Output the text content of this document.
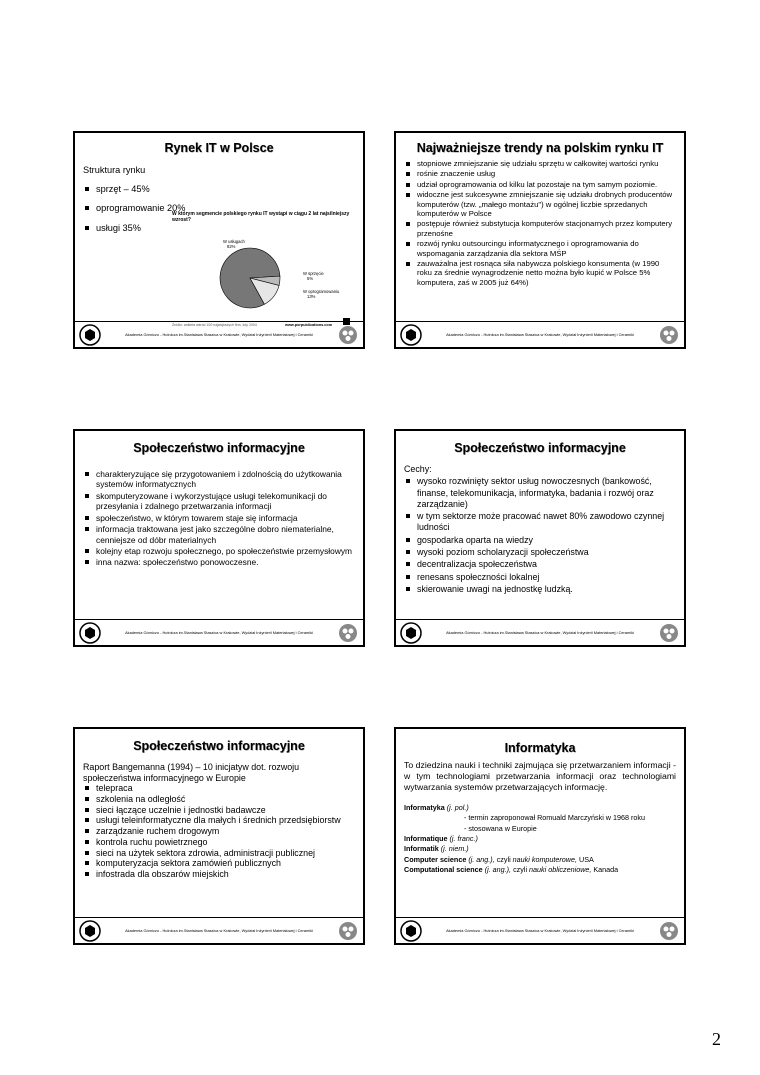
Rynek IT w Polsce
Struktura rynku
sprzęt – 45%
oprogramowanie 20%
usługi 35%
W którym segmencie polskiego rynku IT wystąpi w ciągu 2 lat najsilniejszy wzrost?
W usługach
82%
W sprzęcie
5%
W oprogramowaniu
13%
Źródło: ankieta wśród 100 największych firm, luty 2004	www.porpublications.com
Akademia Górniczo - Hutnicza im.Stanisława Staszica w Krakowie, Wydział Inżynierii Materiałowej i Ceramiki
Najważniejsze trendy na polskim rynku IT
stopniowe zmniejszanie się udziału sprzętu w całkowitej wartości rynku
rośnie znaczenie usług
udział oprogramowania od kilku lat pozostaje na tym samym poziomie.
widoczne jest sukcesywne zmniejszanie się udziału drobnych producentów komputerów (tzw. „małego montażu") w ogólnej liczbie sprzedanych komputerów w Polsce
postępuje również substytucja komputerów stacjonarnych przez komputery przenośne
rozwój rynku outsourcingu informatycznego i oprogramowania do wspomagania zarządzania dla sektora MŚP
zauważalna jest rosnąca siła nabywcza polskiego konsumenta (w 1990 roku za średnie wynagrodzenie netto można było kupić w Polsce 5% komputera, zaś w 2005 już 64%)
Akademia Górniczo - Hutnicza im.Stanisława Staszica w Krakowie, Wydział Inżynierii Materiałowej i Ceramiki
Społeczeństwo informacyjne
charakteryzujące się przygotowaniem i zdolnością do użytkowania systemów informatycznych
skomputeryzowane i wykorzystujące usługi telekomunikacji do przesyłania i zdalnego przetwarzania informacji
społeczeństwo, w którym towarem staje się informacja
informacja traktowana jest jako szczególne dobro niematerialne, cenniejsze od dóbr materialnych
kolejny etap rozwoju społecznego, po społeczeństwie przemysłowym
inna nazwa: społeczeństwo ponowoczesne.
Akademia Górniczo - Hutnicza im.Stanisława Staszica w Krakowie, Wydział Inżynierii Materiałowej i Ceramiki
Społeczeństwo informacyjne
Cechy:
wysoko rozwinięty sektor usług nowoczesnych (bankowość, finanse, telekomunikacja, informatyka, badania i rozwój oraz zarządzanie)
w tym sektorze może pracować nawet 80% zawodowo czynnej ludności
gospodarka oparta na wiedzy
wysoki poziom scholaryzacji społeczeństwa
decentralizacja społeczeństwa
renesans społeczności lokalnej
skierowanie uwagi na jednostkę ludzką.
Akademia Górniczo - Hutnicza im.Stanisława Staszica w Krakowie, Wydział Inżynierii Materiałowej i Ceramiki
Społeczeństwo informacyjne
Raport Bangemanna (1994) – 10 inicjatyw dot. rozwoju społeczeństwa informacyjnego w Europie
telepraca
szkolenia na odległość
sieci łączące uczelnie i jednostki badawcze
usługi teleinformatyczne dla małych i średnich przedsiębiorstw
zarządzanie ruchem drogowym
kontrola ruchu powietrznego
sieci na użytek sektora zdrowia, administracji publicznej
komputeryzacja sektora zamówień publicznych
infostrada dla obszarów miejskich
Akademia Górniczo - Hutnicza im.Stanisława Staszica w Krakowie, Wydział Inżynierii Materiałowej i Ceramiki
Informatyka

To dziedzina nauki i techniki zajmująca się przetwarzaniem informacji - w tym technologiami przetwarzania informacji oraz technologiami wytwarzania systemów przetwarzających informację.

Informatyka (j. pol.)
- termin zaproponował Romuald Marczyński w 1968 roku
- stosowana w Europie
Informatique (j. franc.)
Informatik (j. niem.)
Computer science (j. ang.), czyli nauki komputerowe, USA
Computational science (j. ang.), czyli nauki obliczeniowe, Kanada
Akademia Górniczo - Hutnicza im.Stanisława Staszica w Krakowie, Wydział Inżynierii Materiałowej i Ceramiki
2
